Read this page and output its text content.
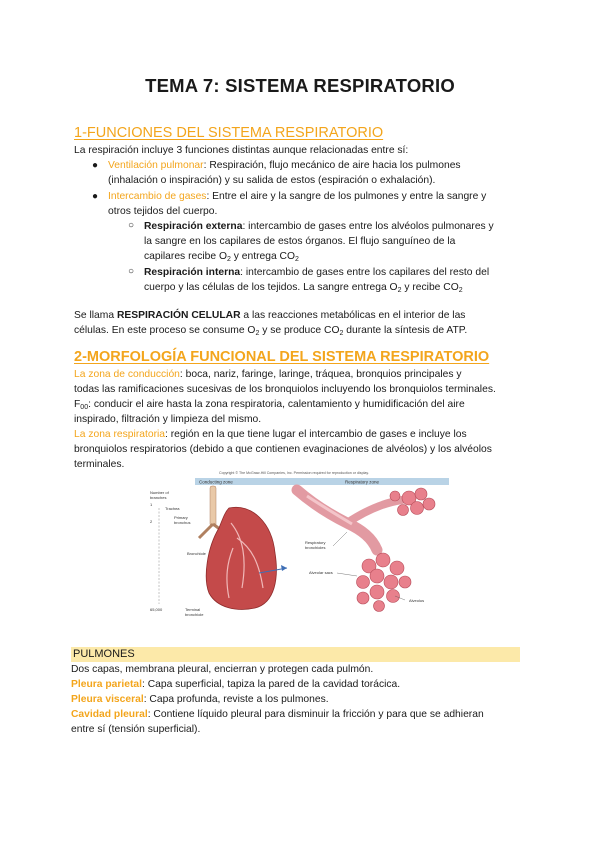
TEMA 7: SISTEMA RESPIRATORIO
1-FUNCIONES DEL SISTEMA RESPIRATORIO
La respiración incluye 3 funciones distintas aunque relacionadas entre sí:
● Ventilación pulmonar: Respiración, flujo mecánico de aire hacia los pulmones
(inhalación o inspiración) y su salida de estos (espiración o exhalación).
● Intercambio de gases: Entre el aire y la sangre de los pulmones y entre la sangre y
otros tejidos del cuerpo.
○ Respiración externa: intercambio de gases entre los alvéolos pulmonares y
la sangre en los capilares de estos órganos. El flujo sanguíneo de la
capilares recibe $O_2$ y entrega $CO_2$
○ Respiración interna: intercambio de gases entre los capilares del resto del
cuerpo y las células de los tejidos. La sangre entrega $O_2$ y recibe $CO_2$
Se llama RESPIRACIÓN CELULAR a las reacciones metabólicas en el interior de las
células. En este proceso se consume $O_2$ y se produce $CO_2$ durante la síntesis de ATP.
2-MORFOLOGÍA FUNCIONAL DEL SISTEMA RESPIRATORIO
La zona de conducción: boca, nariz, faringe, laringe, tráquea, bronquios principales y
todas las ramificaciones sucesivas de los bronquiolos incluyendo los bronquiolos terminales.
$F_{00}$: conducir el aire hasta la zona respiratoria, calentamiento y humidificación del aire
inspirado, filtración y limpieza del mismo.
La zona respiratoria: región en la que tiene lugar el intercambio de gases e incluye los
bronquiolos respiratorios (debido a que contienen evaginaciones de alvéolos) y los alvéolos
terminales.
Copyright © The McGraw-Hill Companies, Inc. Permission required for reproduction or display.
Conducting zone	Respiratory zone
Number of
branches
1
Trachea
2
Primary
bronchus
Bronchiole
65,000	Terminal
bronchiole
Respiratory
bronchioles
Alveolar sacs
Alveolus
PULMONES
Dos capas, membrana pleural, encierran y protegen cada pulmón.
Pleura parietal: Capa superficial, tapiza la pared de la cavidad torácica.
Pleura visceral: Capa profunda, reviste a los pulmones.
Cavidad pleural: Contiene líquido pleural para disminuir la fricción y para que se adhieran
entre sí (tensión superficial).
